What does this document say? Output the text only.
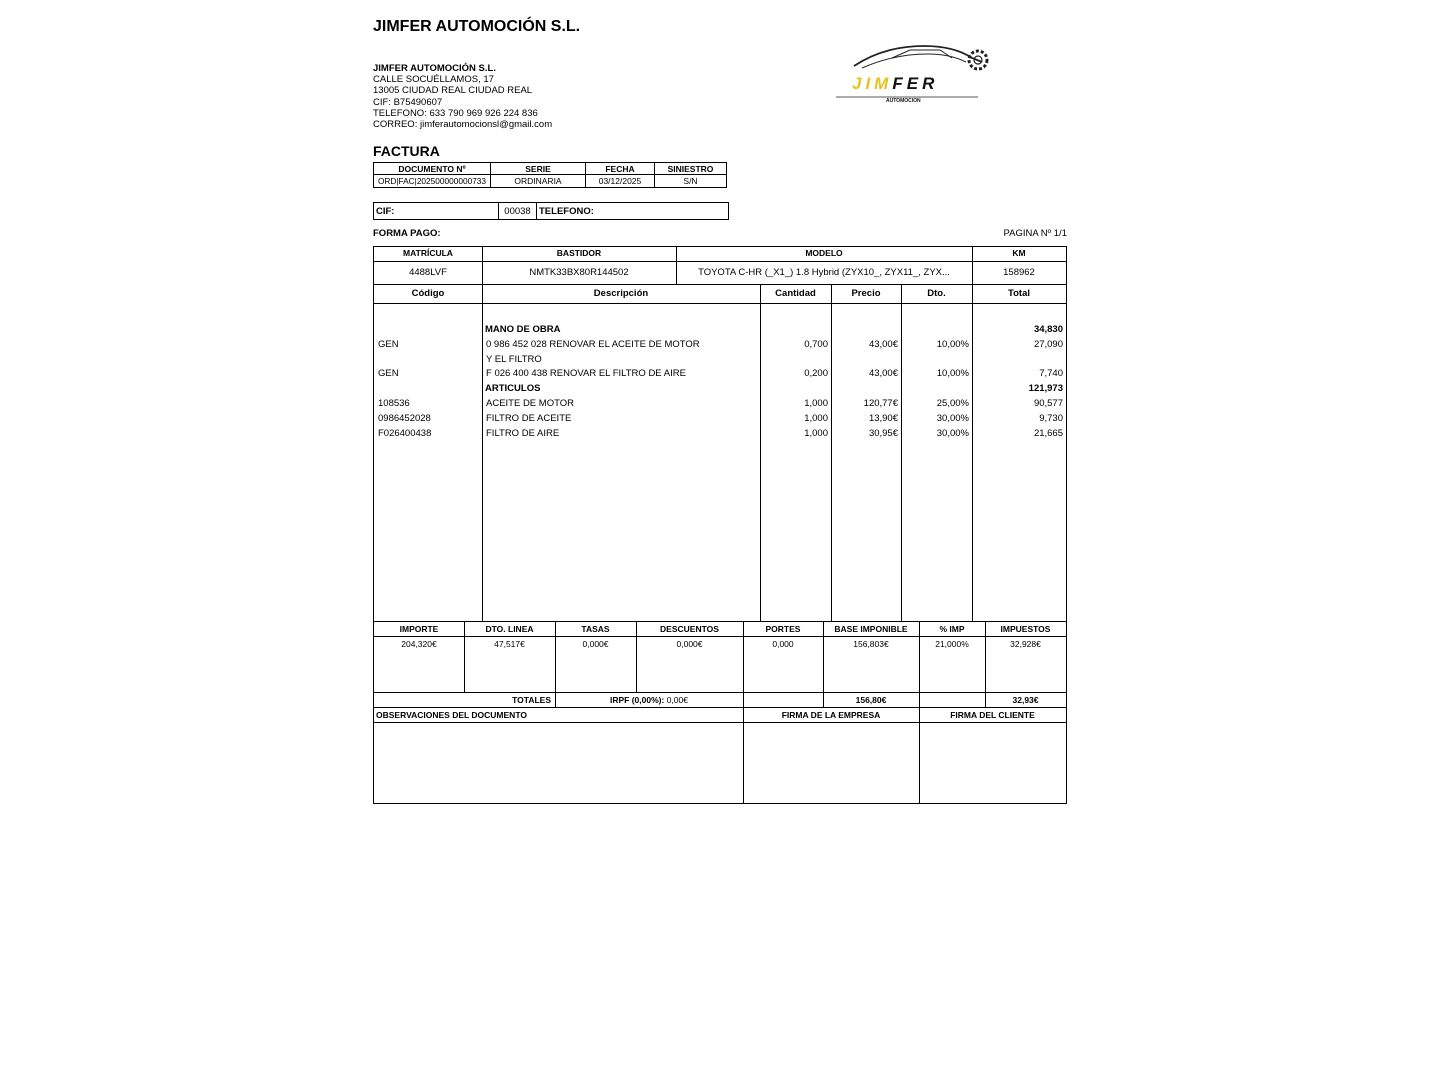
JIMFER AUTOMOCIÓN S.L.
JIMFER AUTOMOCIÓN S.L.
CALLE SOCUÉLLAMOS, 17
13005 CIUDAD REAL CIUDAD REAL
CIF: B75490607
TELEFONO: 633 790 969 926 224 836
CORREO: jimferautomocionsl@gmail.com
JIMFER
AUTOMOCION
FACTURA
DOCUMENTO Nº	SERIE	FECHA	SINIESTRO
ORD|FAC|202500000000733	ORDINARIA	03/12/2025	S/N
CIF:	00038	TELEFONO:
FORMA PAGO:	PAGINA Nº 1/1
MATRÍCULA	BASTIDOR	MODELO	KM
4488LVF	NMTK33BX80R144502	TOYOTA C-HR (_X1_) 1.8 Hybrid (ZYX10_, ZYX11_, ZYX...	158962
Código	Descripción	Cantidad	Precio	Dto.	Total
MANO DE OBRA	34,830
GEN	0 986 452 028 RENOVAR EL ACEITE DE MOTOR	0,700	43,00€	10,00%	27,090
Y EL FILTRO
GEN	F 026 400 438 RENOVAR EL FILTRO DE AIRE	0,200	43,00€	10,00%	7,740
ARTICULOS	121,973
108536	ACEITE DE MOTOR	1,000	120,77€	25,00%	90,577
0986452028	FILTRO DE ACEITE	1,000	13,90€	30,00%	9,730
F026400438	FILTRO DE AIRE	1,000	30,95€	30,00%	21,665
IMPORTE	DTO. LINEA	TASAS	DESCUENTOS	PORTES	BASE IMPONIBLE	% IMP	IMPUESTOS
204,320€	47,517€	0,000€	0,000€	0,000	156,803€	21,000%	32,928€
TOTALES	IRPF (0,00%): 0,00€	156,80€	32,93€
OBSERVACIONES DEL DOCUMENTO	FIRMA DE LA EMPRESA	FIRMA DEL CLIENTE
